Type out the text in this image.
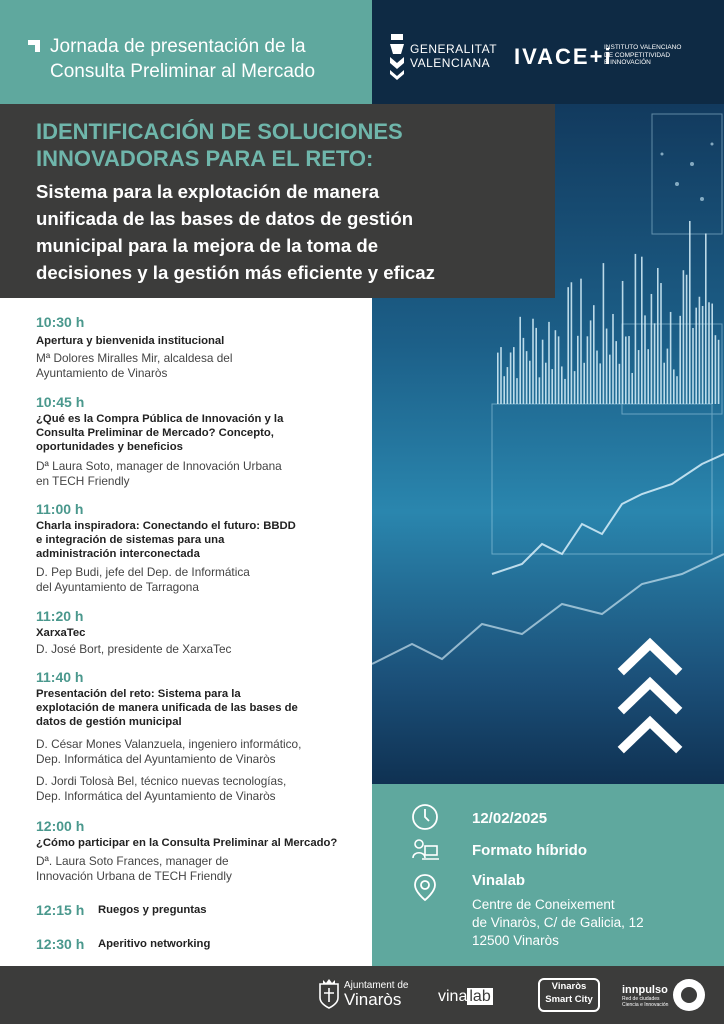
Jornada de presentación de la Consulta Preliminar al Mercado
GENERALITAT
VALENCIANA	IVACE+i
INSTITUTO VALENCIANO
DE COMPETITIVIDAD
E INNOVACIÓN
IDENTIFICACIÓN DE SOLUCIONES
INNOVADORAS PARA EL RETO:
Sistema para la explotación de manera
unificada de las bases de datos de gestión
municipal para la mejora de la toma de
decisiones y la gestión más eficiente y eficaz
10:30 h
Apertura y bienvenida institucional
Mª Dolores Miralles Mir, alcaldesa del
Ayuntamiento de Vinaròs
10:45 h
¿Qué es la Compra Pública de Innovación y la
Consulta Preliminar de Mercado? Concepto,
oportunidades y beneficios
Dª Laura Soto, manager de Innovación Urbana
en TECH Friendly
11:00 h
Charla inspiradora: Conectando el futuro: BBDD
e integración de sistemas para una
administración interconectada
D. Pep Budi, jefe del Dep. de Informática
del Ayuntamiento de Tarragona
11:20 h
XarxaTec
D. José Bort, presidente de XarxaTec
11:40 h
Presentación del reto: Sistema para la
explotación de manera unificada de las bases de
datos de gestión municipal
D. César Mones Valanzuela, ingeniero informático,
Dep. Informática del Ayuntamiento de Vinaròs
D. Jordi Tolosà Bel, técnico nuevas tecnologías,
Dep. Informática del Ayuntamiento de Vinaròs
12:00 h
¿Cómo participar en la Consulta Preliminar al Mercado?
Dª. Laura Soto Frances, manager de
Innovación Urbana de TECH Friendly
12:15 h Ruegos y preguntas
12:30 h Aperitivo networking
12/02/2025
Formato híbrido
Vinalab
Centre de Coneixement
de Vinaròs, C/ de Galicia, 12
12500 Vinaròs
Ajuntament de
Vinaròs	vina lab
Vinaròs
Smart City
innpulso
Red de ciudades
Ciencia e Innovación
